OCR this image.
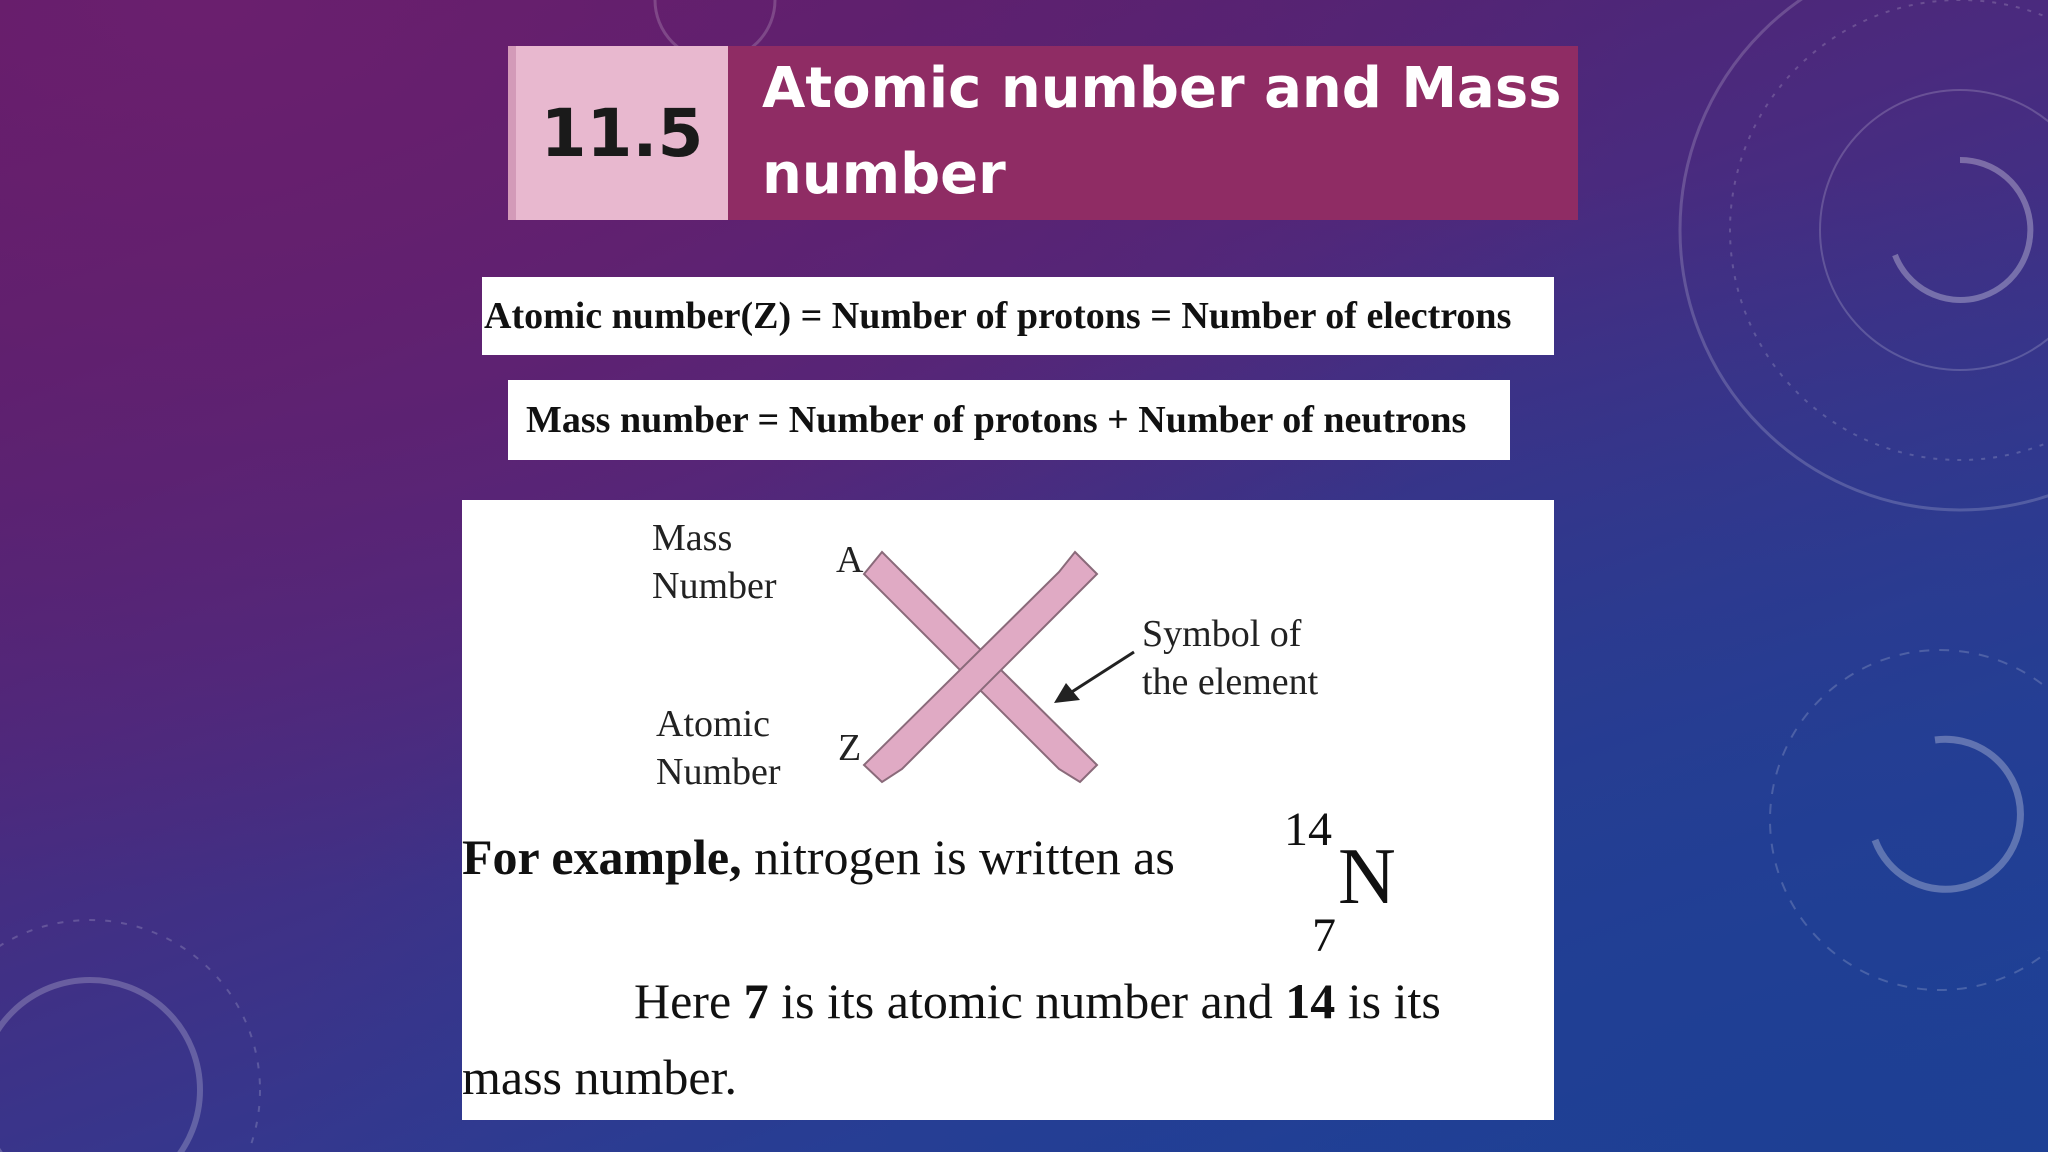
11.5
Atomic number and Mass
number
Atomic number(Z) = Number of protons = Number of electrons
Mass number = Number of protons + Number of neutrons
Mass
Number
A
Atomic
Number
Z
Symbol of
the element
For example, nitrogen is written as 14
N
7
Here 7 is its atomic number and 14 is its
mass number.
